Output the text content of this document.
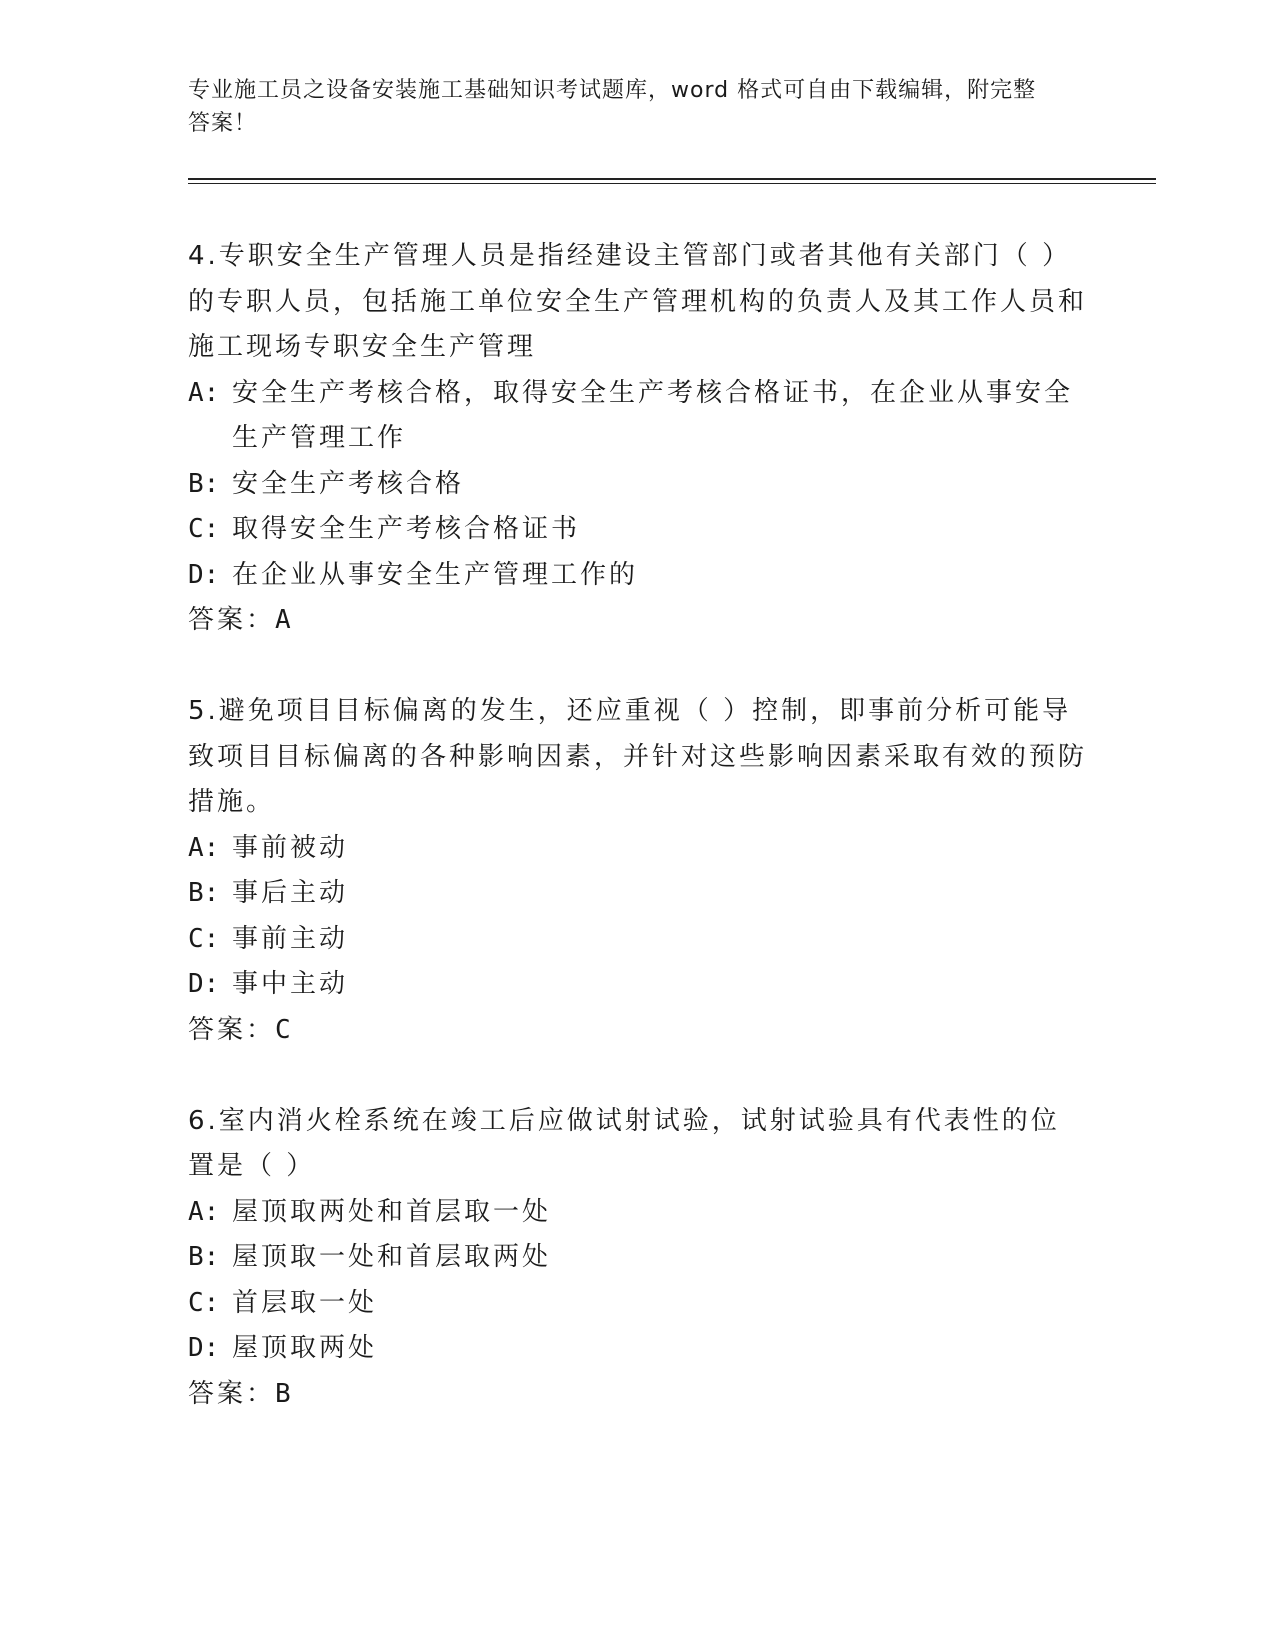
专业施工员之设备安装施工基础知识考试题库，word 格式可自由下载编辑，附完整答案！

4.专职安全生产管理人员是指经建设主管部门或者其他有关部门（ ）的专职人员，包括施工单位安全生产管理机构的负责人及其工作人员和施工现场专职安全生产管理

A: 安全生产考核合格，取得安全生产考核合格证书，在企业从事安全生产管理工作
B: 安全生产考核合格
C: 取得安全生产考核合格证书
D: 在企业从事安全生产管理工作的
答案：A

5.避免项目目标偏离的发生，还应重视（ ）控制，即事前分析可能导致项目目标偏离的各种影响因素，并针对这些影响因素采取有效的预防措施。

A: 事前被动
B: 事后主动
C: 事前主动
D: 事中主动
答案：C

6.室内消火栓系统在竣工后应做试射试验，试射试验具有代表性的位置是（ ）

A: 屋顶取两处和首层取一处
B: 屋顶取一处和首层取两处
C: 首层取一处
D: 屋顶取两处
答案：B
